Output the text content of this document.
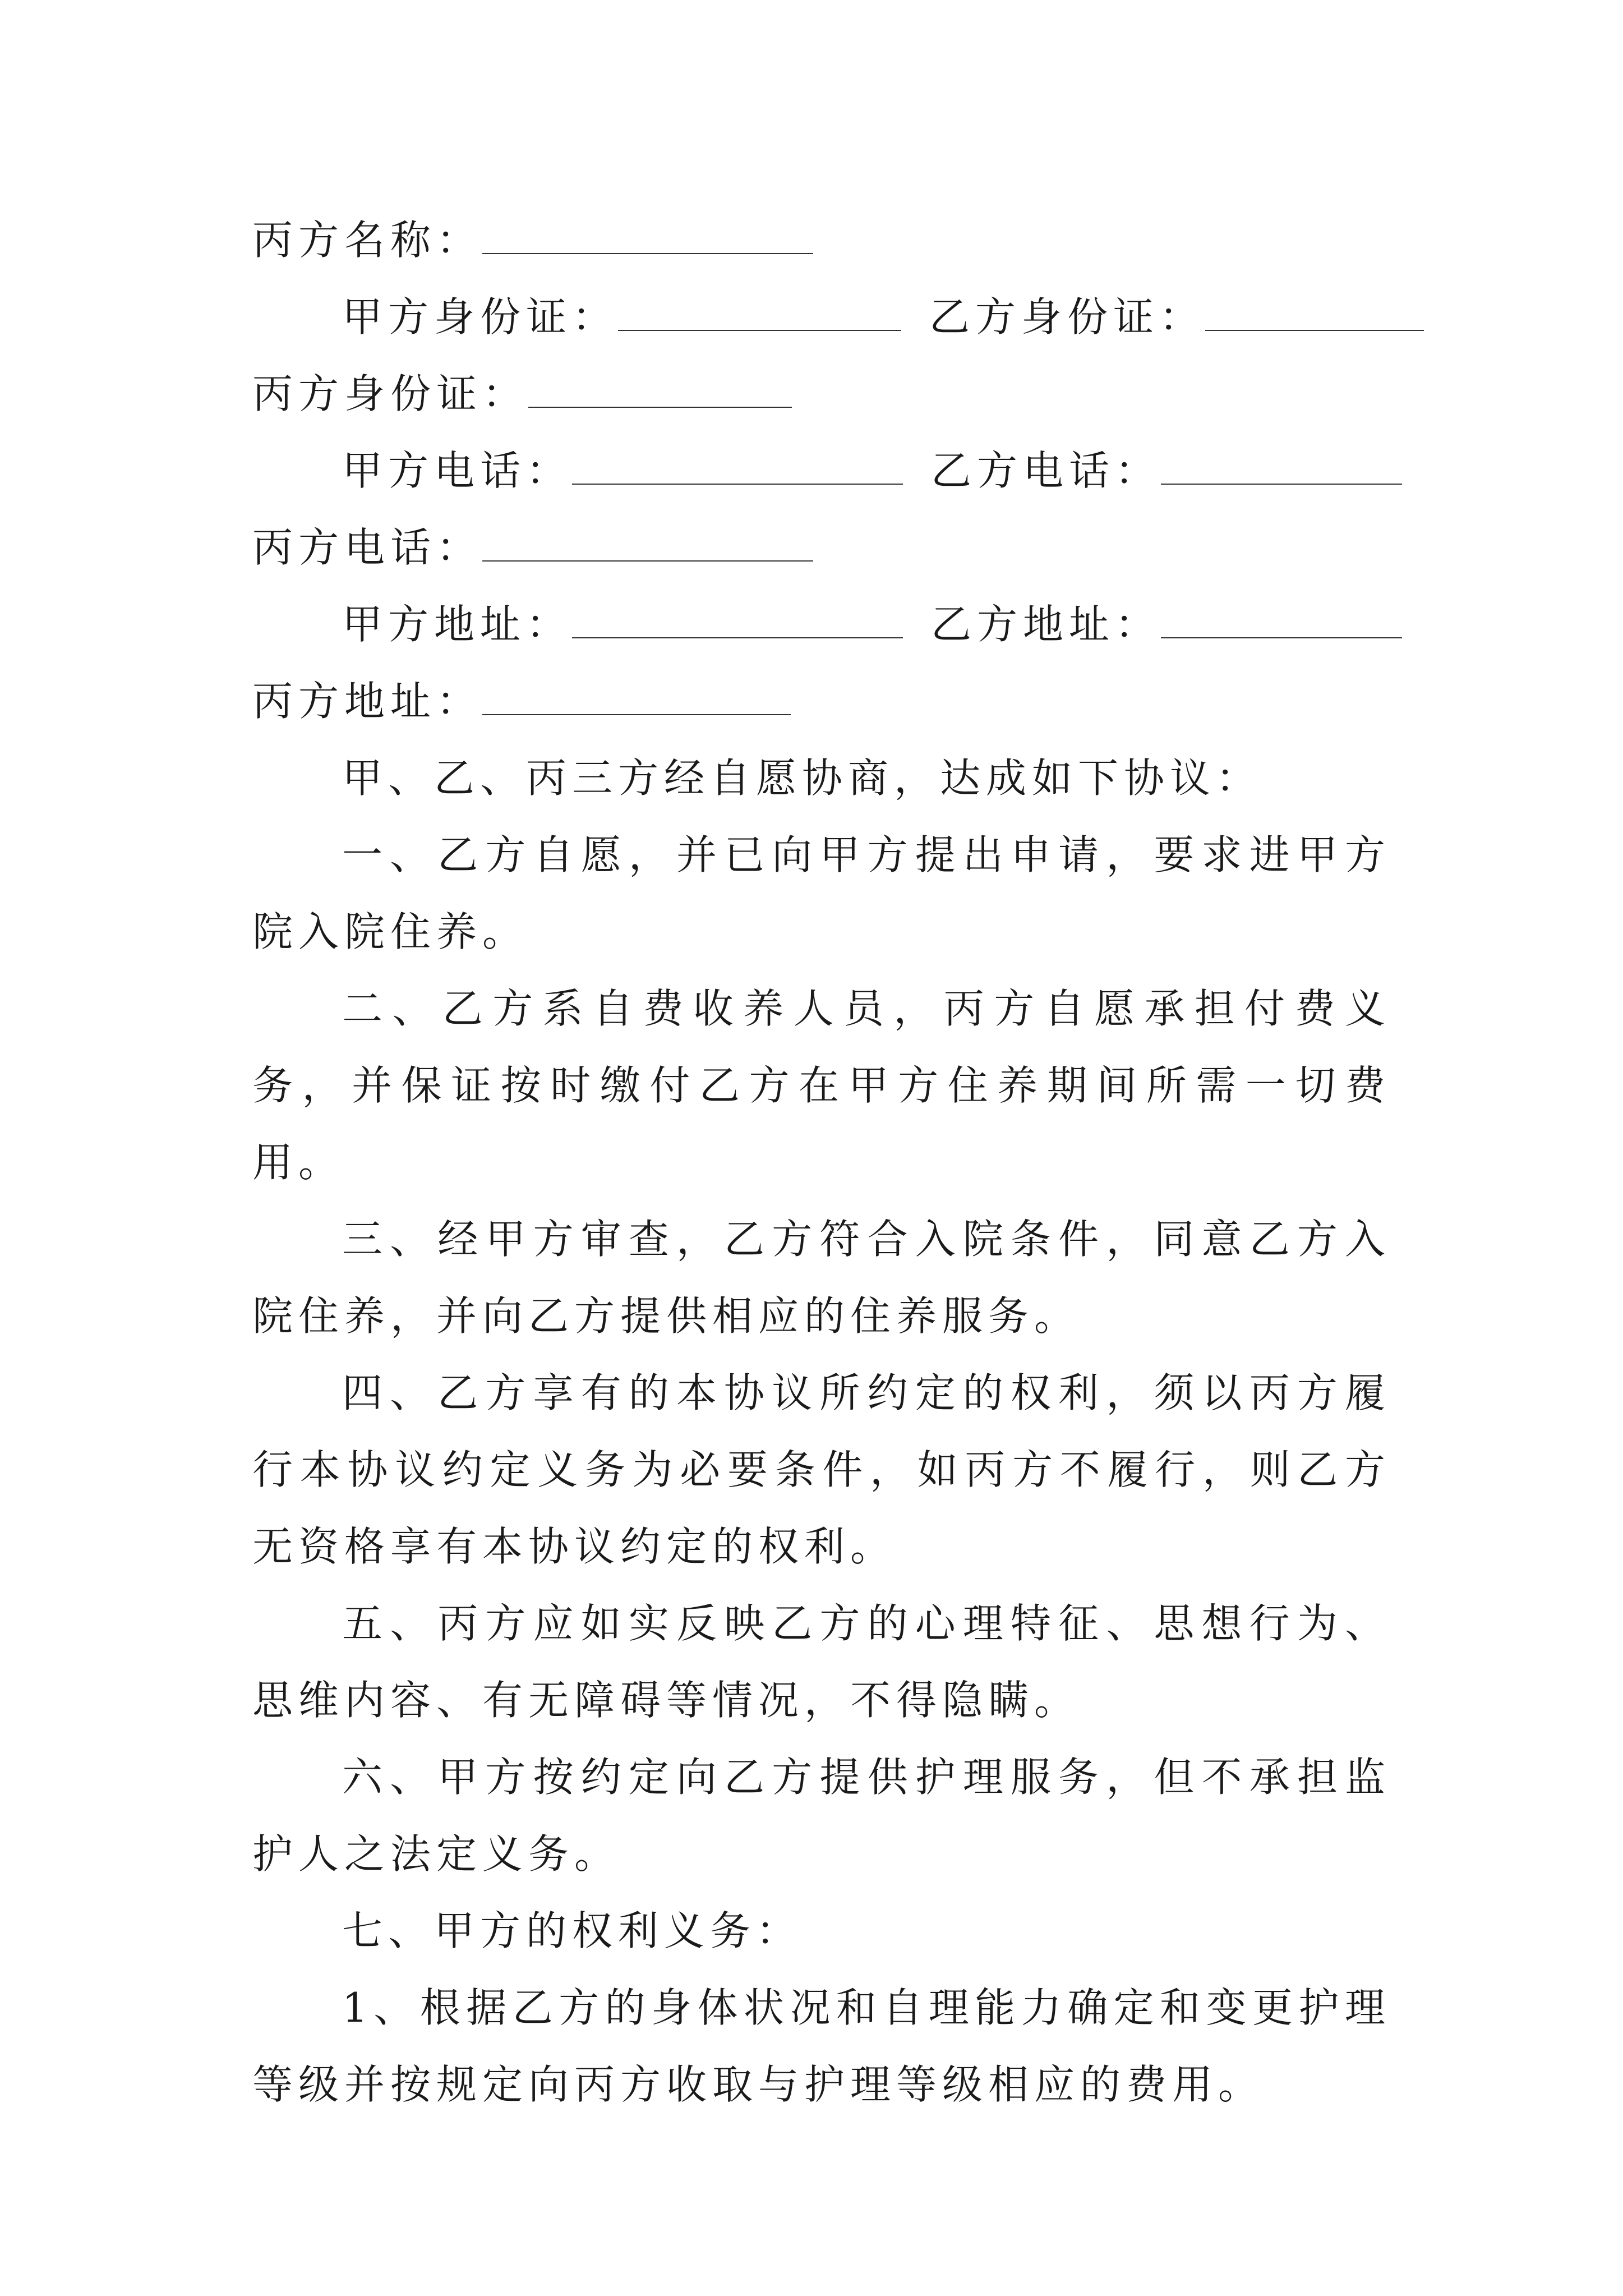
丙方名称：
甲方身份证：	乙方身份证：
丙方身份证：
甲方电话：	乙方电话：
丙方电话：
甲方地址：	乙方地址：
丙方地址：

甲、乙、丙三方经自愿协商，达成如下协议：

一、乙方自愿，并已向甲方提出申请，要求进甲方院入院住养。

二、乙方系自费收养人员，丙方自愿承担付费义务，并保证按时缴付乙方在甲方住养期间所需一切费用。

三、经甲方审查，乙方符合入院条件，同意乙方入院住养，并向乙方提供相应的住养服务。

四、乙方享有的本协议所约定的权利，须以丙方履行本协议约定义务为必要条件，如丙方不履行，则乙方无资格享有本协议约定的权利。

五、丙方应如实反映乙方的心理特征、思想行为、思维内容、有无障碍等情况，不得隐瞒。

六、甲方按约定向乙方提供护理服务，但不承担监护人之法定义务。

七、甲方的权利义务：

1、根据乙方的身体状况和自理能力确定和变更护理等级并按规定向丙方收取与护理等级相应的费用。
